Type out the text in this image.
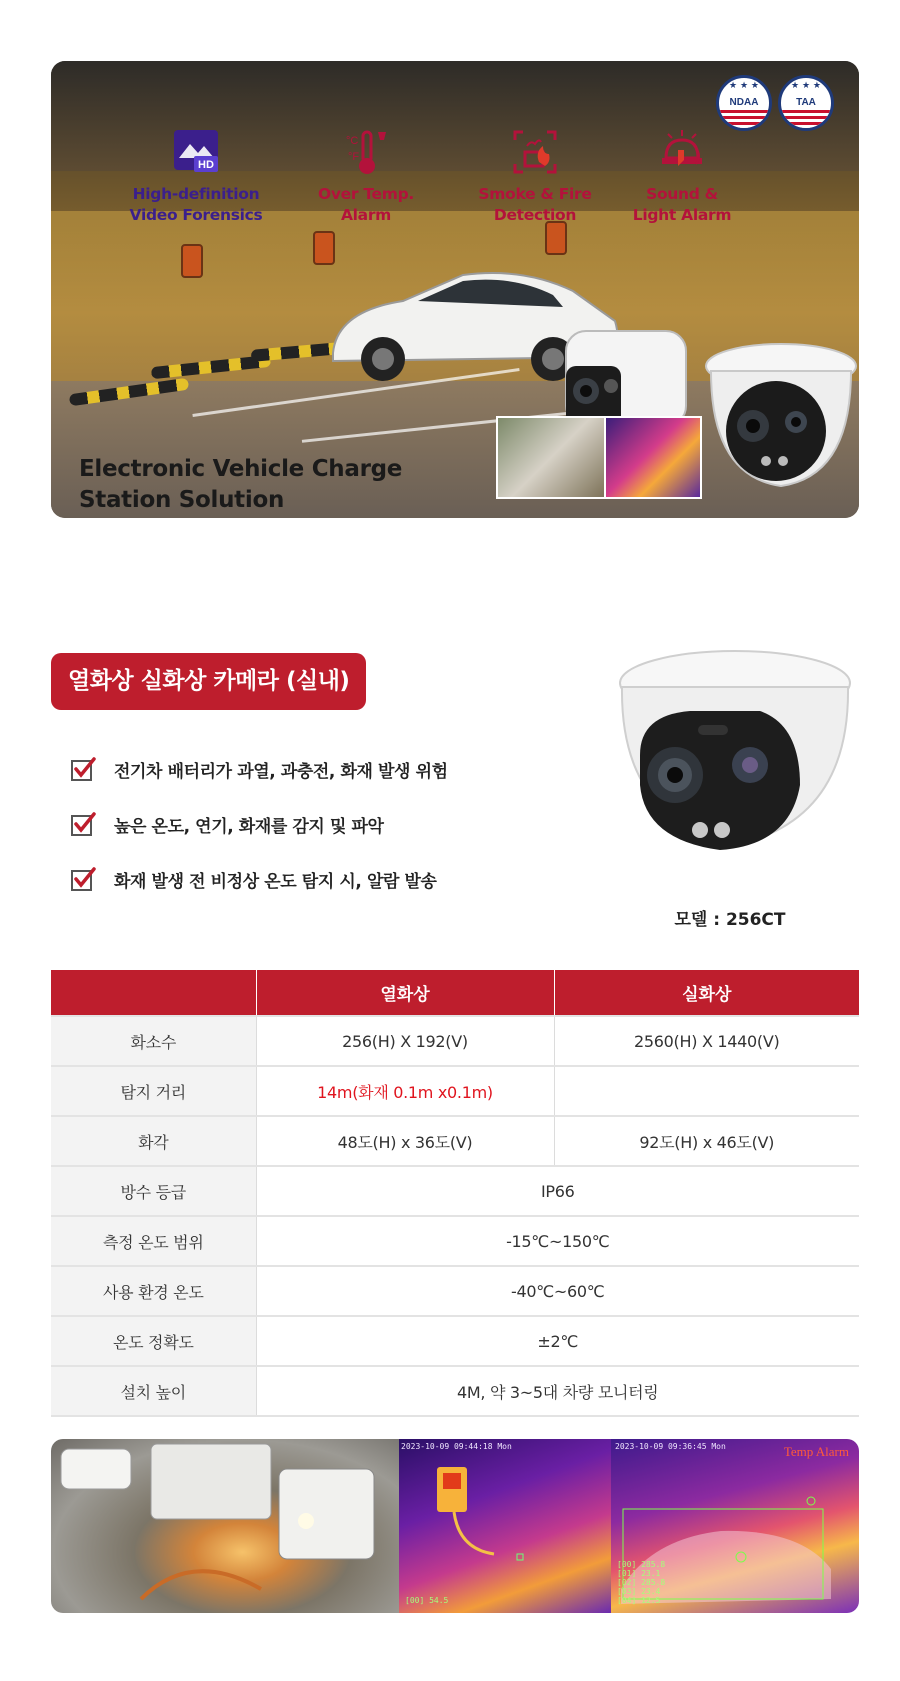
HD
High-definition
Video Forensics
°C
°F
Over Temp.
Alarm
Smoke & Fire
Detection
Sound &
Light Alarm
★ ★ ★
NDAA
★ ★ ★
TAA
Electronic Vehicle Charge
Station Solution
열화상 실화상 카메라 (실내)
전기차 배터리가 과열, 과충전, 화재 발생 위험
높은 온도, 연기, 화재를 감지 및 파악
화재 발생 전 비정상 온도 탐지 시, 알람 발송
모델 : 256CT
	열화상	실화상
화소수	256(H) X 192(V)	2560(H) X 1440(V)
탐지 거리	14m(화재 0.1m x0.1m)	
화각	48도(H) x 36도(V)	92도(H) x 46도(V)
방수 등급	IP66	
측정 온도 범위	-15℃~150℃	
사용 환경 온도	-40℃~60℃	
온도 정확도	±2℃	
설치 높이	4M, 약 3~5대 차량 모니터링	
2023-10-09 09:44:18 Mon
[00] 54.5
2023-10-09 09:36:45 Mon	Temp Alarm
[00] 285.8
[01] 23.1
[02] 285.8
[03] 23.4
[04] 12.5
